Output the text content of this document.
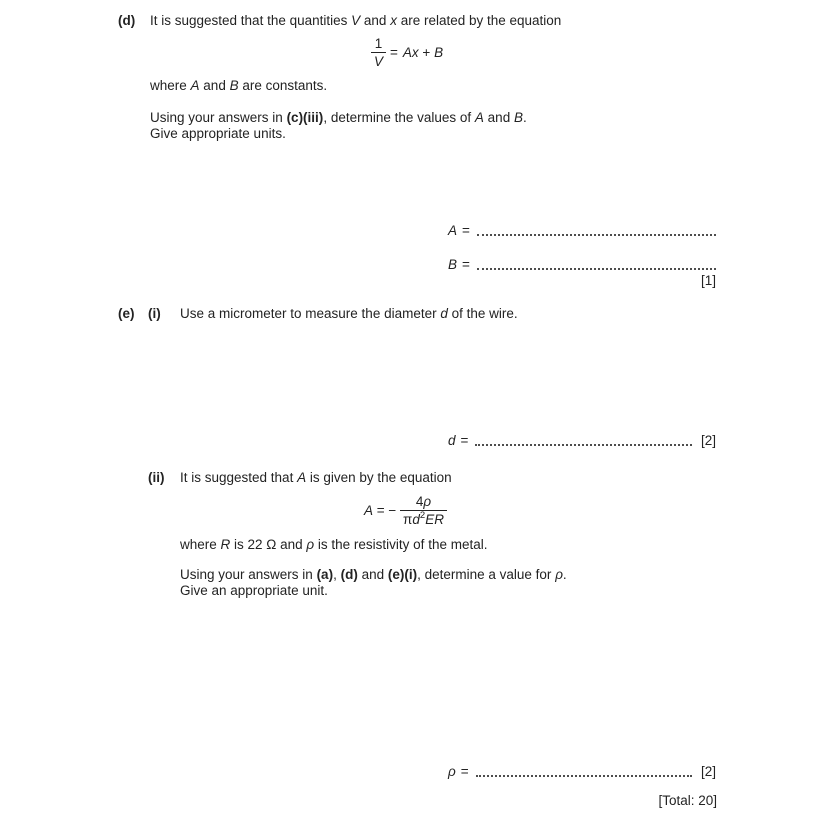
(d) It is suggested that the quantities V and x are related by the equation
$\frac{1}{V} = Ax + B$
where A and B are constants.
Using your answers in (c)(iii), determine the values of A and B.
Give appropriate units.
A =
B =
[1]
(e) (i) Use a micrometer to measure the diameter d of the wire.
d =	[2]
(ii) It is suggested that A is given by the equation
A = − $\frac{4\rho}{\pi d^2ER}$
where R is 22 Ω and ρ is the resistivity of the metal.
Using your answers in (a), (d) and (e)(i), determine a value for ρ.
Give an appropriate unit.
ρ =	[2]
[Total: 20]
